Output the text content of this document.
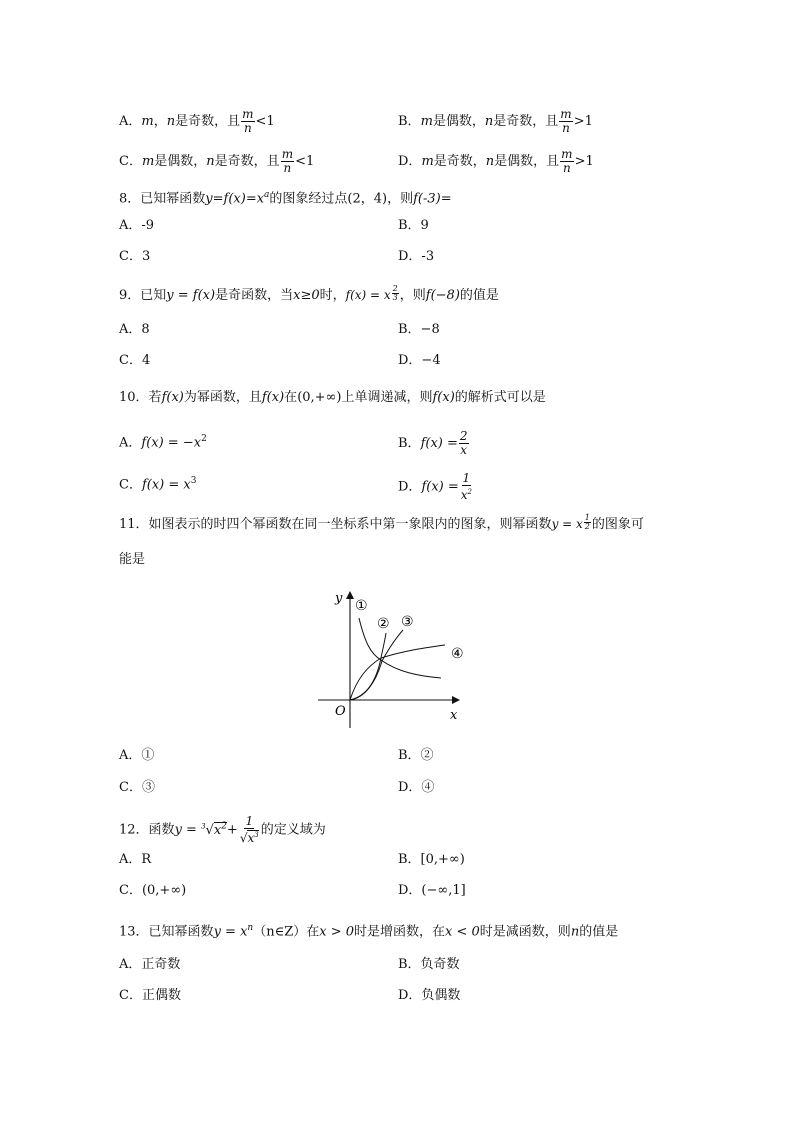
A．m，n是奇数，且 $\frac{m}{n} <1$	B．m是偶数，n是奇数，且 $\frac{m}{n} >1$
C．m是偶数，n是奇数，且 $\frac{m}{n} <1$	D．m是奇数，n是偶数，且 $\frac{m}{n} >1$
8．已知幂函数$y=f(x)=x^a$的图象经过点(2，4)，则f(-3)=
A．-9	B．9
C．3	D．-3
9．已知y = f(x)是奇函数，当x≥0时，f(x) = x $^{\frac{2}{3}}$ ，则f(−8)的值是
A．8	B．−8
C．4	D．−4
10．若f(x)为幂函数，且f(x)在(0,+∞)上单调递减，则f(x)的解析式可以是
A．$f(x) = -x^2$	B．$f(x) = \frac{2}{x}$
C．$f(x) = x^3$	D．$f(x) = \frac{1}{x^2}$
11．如图表示的时四个幂函数在同一坐标系中第一象限内的图象，则幂函数y = x $^{\frac{1}{2}}$ 的图象可
能是
y
x
O
①
② ③
④
A．①	B．②
C．③	D．④
12．函数$y = ^3√x^2+ \frac{1}{√x^3}$ 的定义域为
A．R	B．[0,+∞)
C．(0,+∞)	D．(−∞,1]
13．已知幂函数$y = x^n(n\in Z)$在x > 0时是增函数，在x < 0时是减函数，则n的值是
A．正奇数	B．负奇数
C．正偶数	D．负偶数
